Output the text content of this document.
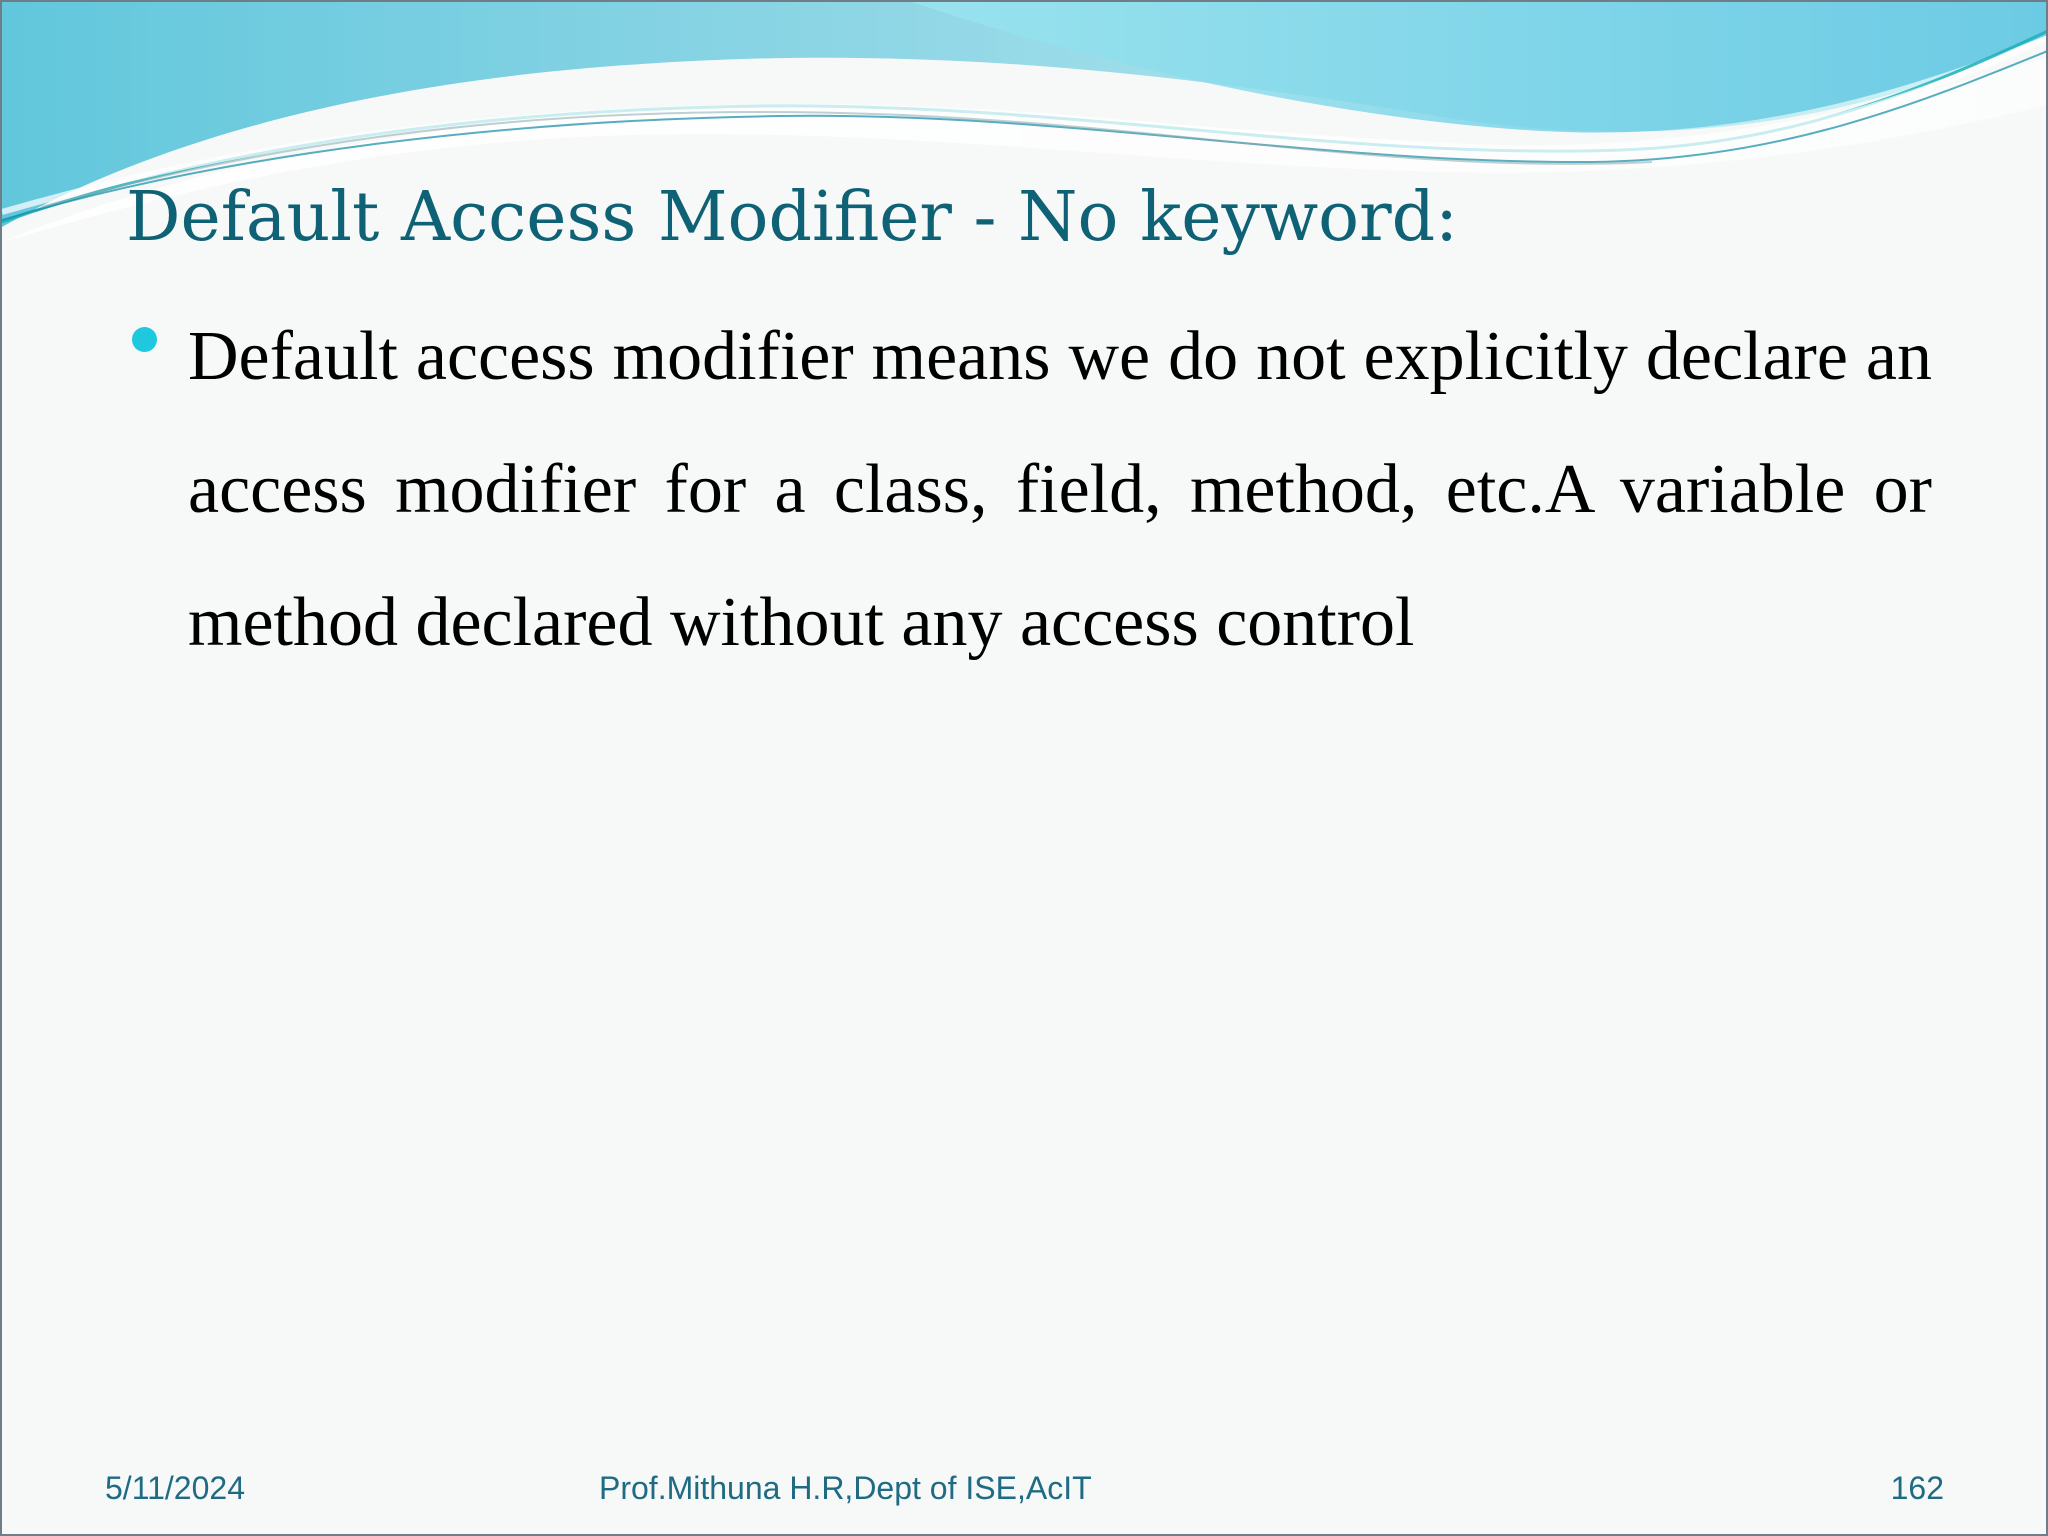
Default Access Modifier - No keyword:
Default access modifier means we do not explicitly declare an access modifier for a class, field, method, etc.A variable or method declared without any access control
5/11/2024	Prof.Mithuna H.R,Dept of ISE,AcIT	162
